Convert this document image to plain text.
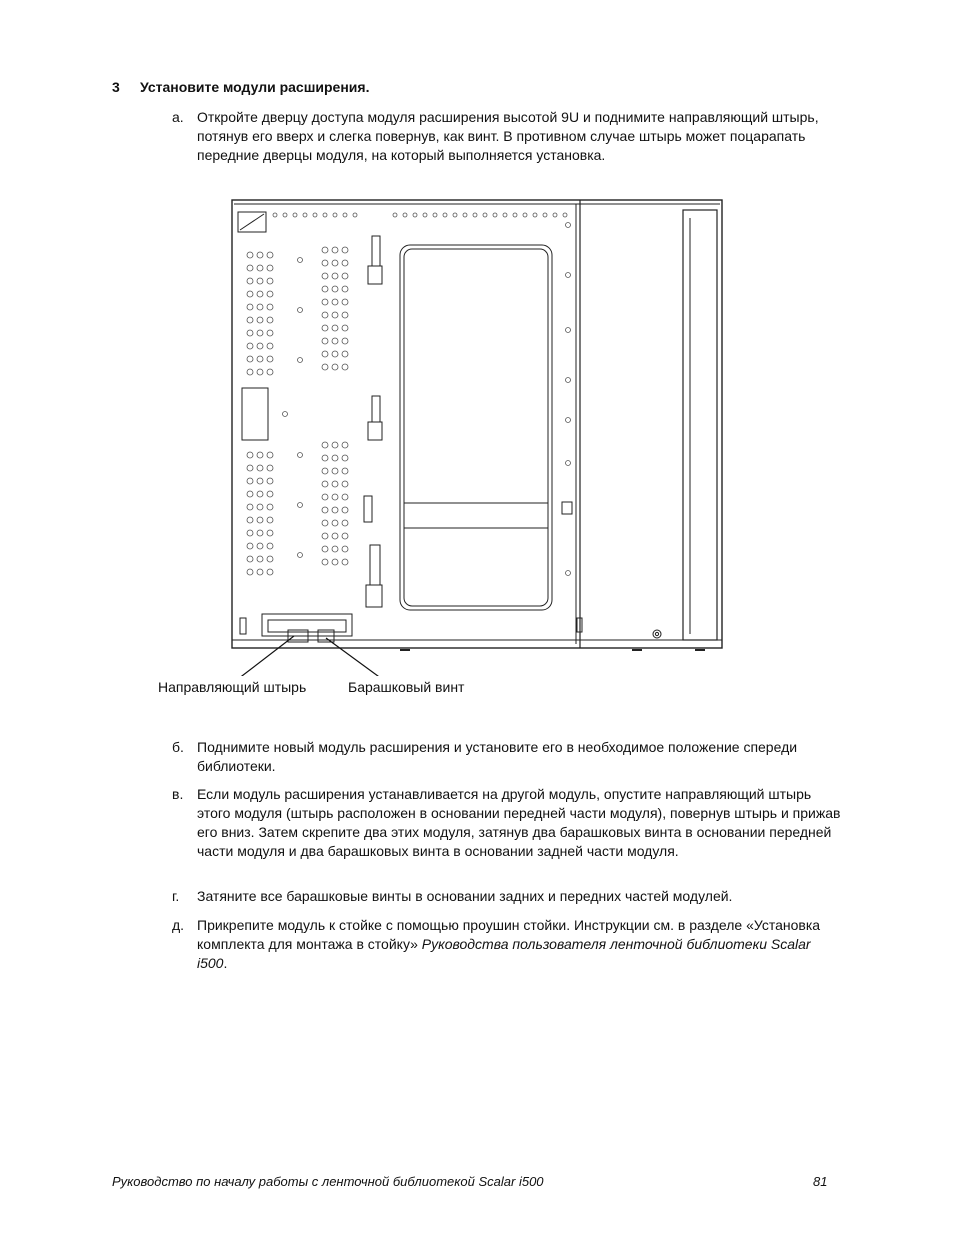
3 Установите модули расширения.
a. Откройте дверцу доступа модуля расширения высотой 9U и поднимите направляющий штырь, потянув его вверх и слегка повернув, как винт. В противном случае штырь может поцарапать передние дверцы модуля, на который выполняется установка.
Направляющий штырь	Барашковый винт
б. Поднимите новый модуль расширения и установите его в необходимое положение спереди библиотеки.
в. Если модуль расширения устанавливается на другой модуль, опустите направляющий штырь этого модуля (штырь расположен в основании передней части модуля), повернув штырь и прижав его вниз. Затем скрепите два этих модуля, затянув два барашковых винта в основании передней части модуля и два барашковых винта в основании задней части модуля.
г. Затяните все барашковые винты в основании задних и передних частей модулей.
д. Прикрепите модуль к стойке с помощью проушин стойки. Инструкции см. в разделе «Установка комплекта для монтажа в стойку» Руководства пользователя ленточной библиотеки Scalar i500.
Руководство по началу работы с ленточной библиотекой Scalar i500	81
